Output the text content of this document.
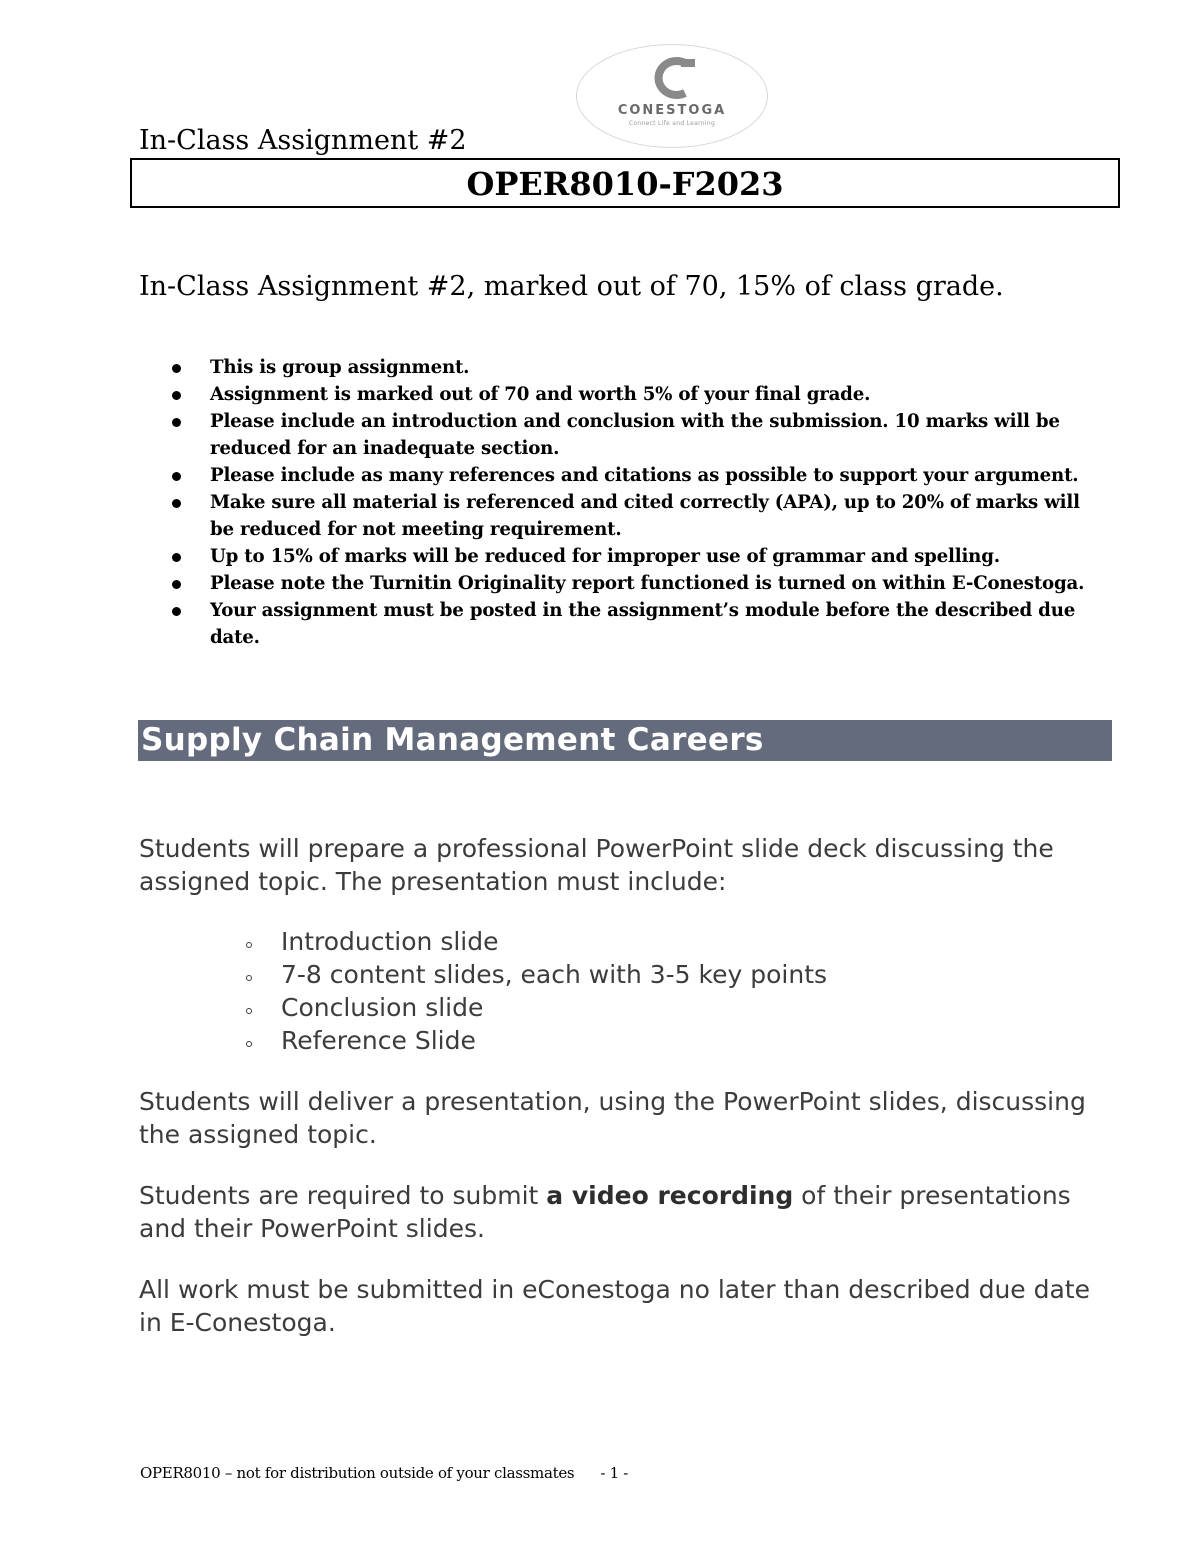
CONESTOGA
Connect Life and Learning
In-Class Assignment #2
OPER8010-F2023
In-Class Assignment #2, marked out of 70, 15% of class grade.
This is group assignment.
Assignment is marked out of 70 and worth 5% of your final grade.
Please include an introduction and conclusion with the submission. 10 marks will be reduced for an inadequate section.
Please include as many references and citations as possible to support your argument.
Make sure all material is referenced and cited correctly (APA), up to 20% of marks will be reduced for not meeting requirement.
Up to 15% of marks will be reduced for improper use of grammar and spelling.
Please note the Turnitin Originality report functioned is turned on within E-Conestoga.
Your assignment must be posted in the assignment’s module before the described due date.
Supply Chain Management Careers

Students will prepare a professional PowerPoint slide deck discussing the assigned topic. The presentation must include:

Introduction slide
7-8 content slides, each with 3-5 key points
Conclusion slide
Reference Slide

Students will deliver a presentation, using the PowerPoint slides, discussing the assigned topic.

Students are required to submit a video recording of their presentations and their PowerPoint slides.

All work must be submitted in eConestoga no later than described due date in E-Conestoga.

OPER8010 – not for distribution outside of your classmates - 1 -
